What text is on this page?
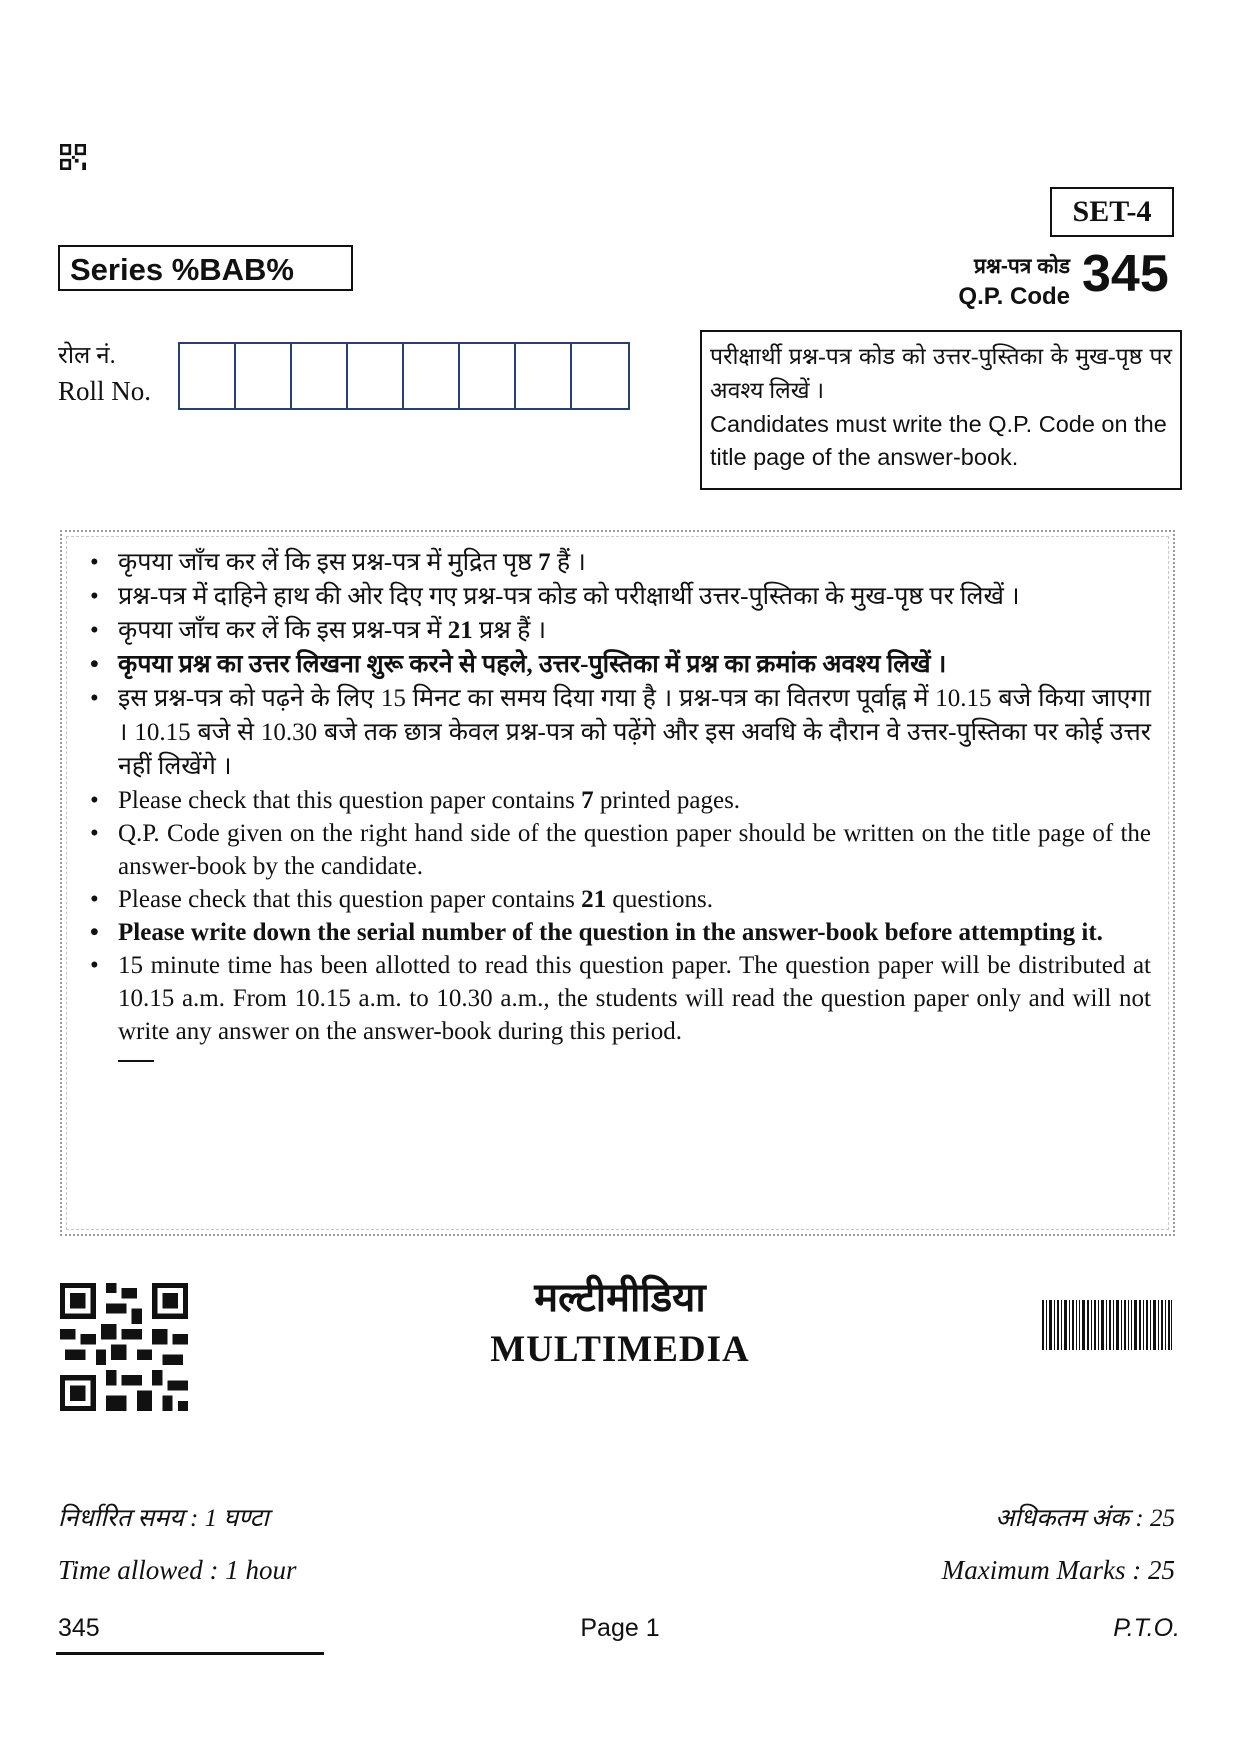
SET-4
Series %BAB%	प्रश्न-पत्र कोड
Q.P. Code 345
रोल नं.
Roll No.
परीक्षार्थी प्रश्न-पत्र कोड को उत्तर-पुस्तिका के मुख-पृष्ठ पर अवश्य लिखें ।
Candidates must write the Q.P. Code on the title page of the answer-book.
• कृपया जाँच कर लें कि इस प्रश्न-पत्र में मुद्रित पृष्ठ 7 हैं ।
• प्रश्न-पत्र में दाहिने हाथ की ओर दिए गए प्रश्न-पत्र कोड को परीक्षार्थी उत्तर-पुस्तिका के मुख-पृष्ठ पर लिखें ।
• कृपया जाँच कर लें कि इस प्रश्न-पत्र में 21 प्रश्न हैं ।
• कृपया प्रश्न का उत्तर लिखना शुरू करने से पहले, उत्तर-पुस्तिका में प्रश्न का क्रमांक अवश्य लिखें ।
• इस प्रश्न-पत्र को पढ़ने के लिए 15 मिनट का समय दिया गया है । प्रश्न-पत्र का वितरण पूर्वाह्न में 10.15 बजे किया जाएगा । 10.15 बजे से 10.30 बजे तक छात्र केवल प्रश्न-पत्र को पढ़ेंगे और इस अवधि के दौरान वे उत्तर-पुस्तिका पर कोई उत्तर नहीं लिखेंगे ।
• Please check that this question paper contains 7 printed pages.
• Q.P. Code given on the right hand side of the question paper should be written on the title page of the answer-book by the candidate.
• Please check that this question paper contains 21 questions.
• Please write down the serial number of the question in the answer-book before attempting it.
• 15 minute time has been allotted to read this question paper. The question paper will be distributed at 10.15 a.m. From 10.15 a.m. to 10.30 a.m., the students will read the question paper only and will not write any answer on the answer-book during this period.
मल्टीमीडिया
MULTIMEDIA
निर्धारित समय : 1 घण्टा	अधिकतम अंक : 25
Time allowed : 1 hour	Maximum Marks : 25
345	Page 1	P.T.O.
